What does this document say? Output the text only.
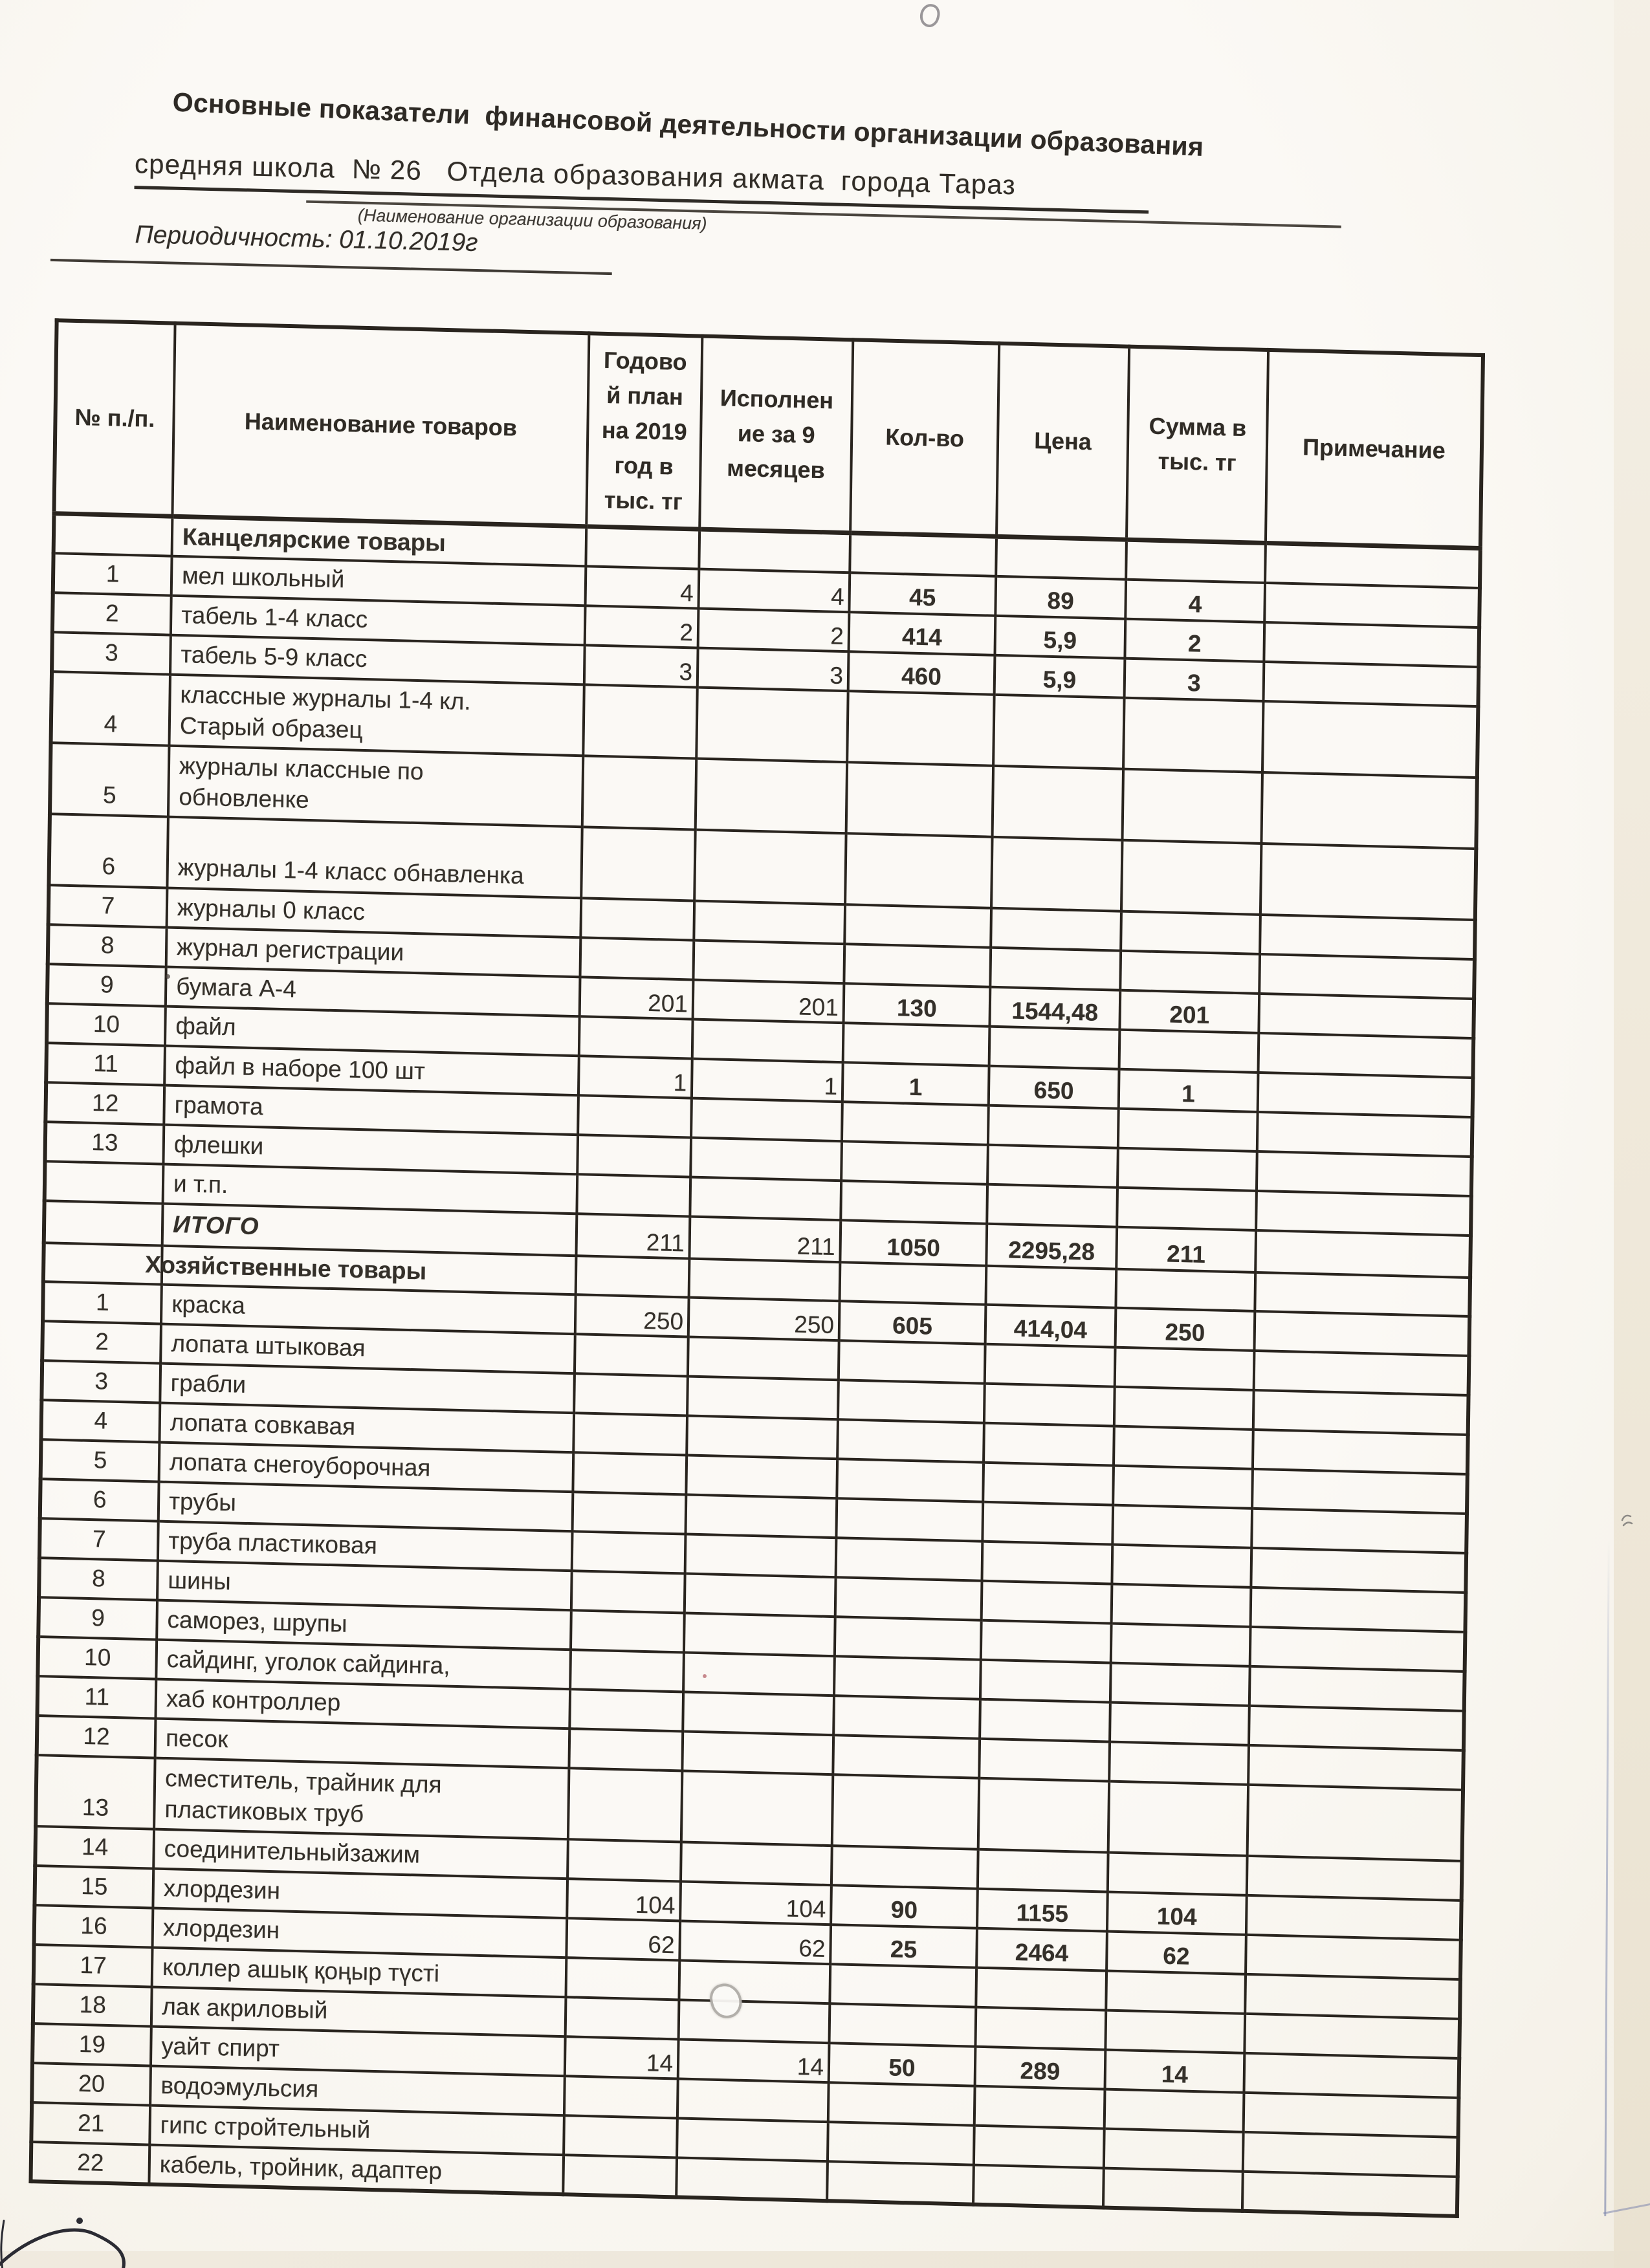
Основные показатели  финансовой деятельности организации образования
средняя школа  № 26   Отдела образования акмата  города Тараз
(Наименование организации образования)
Периодичность: 01.10.2019г
№ п./п.	Наименование товаров	Годово
й план
на 2019
год в
тыс. тг	Исполнен
ие за 9
месяцев	Кол-во	Цена	Сумма в
тыс. тг	Примечание
	Канцелярские товары						
1	мел школьный	4	4	45	89	4	
2	табель 1-4 класс	2	2	414	5,9	2	
3	табель 5-9 класс	3	3	460	5,9	3	
4	классные журналы 1-4 кл.
Старый образец						
5	журналы классные по
обновленке						
6	журналы 1-4 класс обнавленка						
7	журналы 0 класс						
8	журнал регистрации						
9	бумага А-4	201	201	130	1544,48	201	
10	файл						
11	файл в наборе 100 шт	1	1	1	650	1	
12	грамота						
13	флешки						
	и т.п.						
	ИТОГО	211	211	1050	2295,28	211	
	Хозяйственные товары						
1	краска	250	250	605	414,04	250	
2	лопата штыковая						
3	грабли						
4	лопата совкавая						
5	лопата снегоуборочная						
6	трубы						
7	труба пластиковая						
8	шины						
9	саморез, шрупы						
10	сайдинг, уголок сайдинга,						
11	хаб контроллер						
12	песок						
13	сместитель, трайник для
пластиковых труб						
14	соединительныйзажим						
15	хлордезин	104	104	90	1155	104	
16	хлордезин	62	62	25	2464	62	
17	коллер ашық қоңыр түсті						
18	лак акриловый						
19	уайт спирт	14	14	50	289	14	
20	водоэмульсия						
21	гипс стройтельный						
22	кабель, тройник, адаптер						
